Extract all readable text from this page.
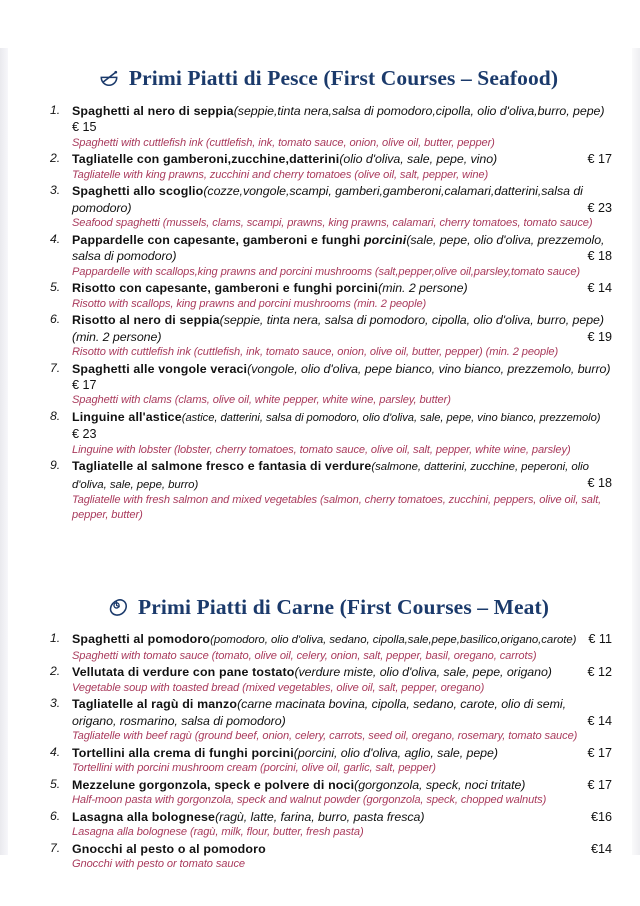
Primi Piatti di Pesce (First Courses – Seafood)
1. Spaghetti al nero di seppia(seppie,tinta nera,salsa di pomodoro,cipolla, olio d'oliva,burro, pepe) € 15
Spaghetti with cuttlefish ink (cuttlefish, ink, tomato sauce, onion, olive oil, butter, pepper)
2. Tagliatelle con gamberoni,zucchine,datterini(olio d'oliva, sale, pepe, vino)	€ 17
Tagliatelle with king prawns, zucchini and cherry tomatoes (olive oil, salt, pepper, wine)
3. Spaghetti allo scoglio(cozze,vongole,scampi, gamberi,gamberoni,calamari,datterini,salsa di pomodoro)	€ 23
Seafood spaghetti (mussels, clams, scampi, prawns, king prawns, calamari, cherry tomatoes, tomato sauce)
4. Pappardelle con capesante, gamberoni e funghi porcini(sale, pepe, olio d'oliva, prezzemolo, salsa di pomodoro)	€ 18
Pappardelle with scallops,king prawns and porcini mushrooms (salt,pepper,olive oil,parsley,tomato sauce)
5. Risotto con capesante, gamberoni e funghi porcini(min. 2 persone)	€ 14
Risotto with scallops, king prawns and porcini mushrooms (min. 2 people)
6. Risotto al nero di seppia(seppie, tinta nera, salsa di pomodoro, cipolla, olio d'oliva, burro, pepe) (min. 2 persone)	€ 19
Risotto with cuttlefish ink (cuttlefish, ink, tomato sauce, onion, olive oil, butter, pepper) (min. 2 people)
7. Spaghetti alle vongole veraci(vongole, olio d'oliva, pepe bianco, vino bianco, prezzemolo, burro) € 17
Spaghetti with clams (clams, olive oil, white pepper, white wine, parsley, butter)
8. Linguine all'astice(astice, datterini, salsa di pomodoro, olio d'oliva, sale, pepe, vino bianco, prezzemolo) € 23
Linguine with lobster (lobster, cherry tomatoes, tomato sauce, olive oil, salt, pepper, white wine, parsley)
9. Tagliatelle al salmone fresco e fantasia di verdure(salmone, datterini, zucchine, peperoni, olio d'oliva, sale, pepe, burro)	€ 18
Tagliatelle with fresh salmon and mixed vegetables (salmon, cherry tomatoes, zucchini, peppers, olive oil, salt, pepper, butter)
Primi Piatti di Carne (First Courses – Meat)
1. Spaghetti al pomodoro(pomodoro, olio d'oliva, sedano, cipolla,sale,pepe,basilico,origano,carote) € 11
Spaghetti with tomato sauce (tomato, olive oil, celery, onion, salt, pepper, basil, oregano, carrots)
2. Vellutata di verdure con pane tostato(verdure miste, olio d'oliva, sale, pepe, origano)	€ 12
Vegetable soup with toasted bread (mixed vegetables, olive oil, salt, pepper, oregano)
3. Tagliatelle al ragù di manzo(carne macinata bovina, cipolla, sedano, carote, olio di semi, origano, rosmarino, salsa di pomodoro)	€ 14
Tagliatelle with beef ragù (ground beef, onion, celery, carrots, seed oil, oregano, rosemary, tomato sauce)
4. Tortellini alla crema di funghi porcini(porcini, olio d'oliva, aglio, sale, pepe)	€ 17
Tortellini with porcini mushroom cream (porcini, olive oil, garlic, salt, pepper)
5. Mezzelune gorgonzola, speck e polvere di noci(gorgonzola, speck, noci tritate)	€ 17
Half-moon pasta with gorgonzola, speck and walnut powder (gorgonzola, speck, chopped walnuts)
6. Lasagna alla bolognese(ragù, latte, farina, burro, pasta fresca)	€16
Lasagna alla bolognese (ragù, milk, flour, butter, fresh pasta)
7. Gnocchi al pesto o al pomodoro	€14
Gnocchi with pesto or tomato sauce
